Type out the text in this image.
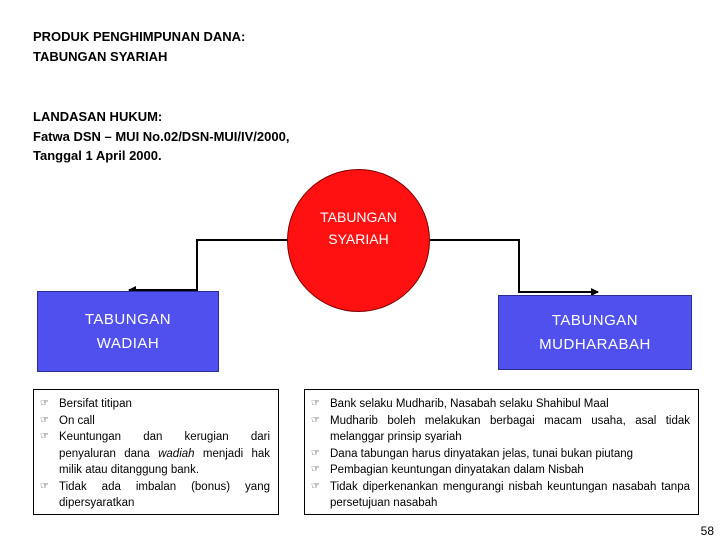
PRODUK PENGHIMPUNAN DANA:
TABUNGAN SYARIAH
LANDASAN HUKUM:
Fatwa DSN – MUI No.02/DSN-MUI/IV/2000,
Tanggal 1 April 2000.
TABUNGAN
SYARIAH
TABUNGAN
WADIAH
TABUNGAN
MUDHARABAH
☞ Bersifat titipan
☞ On call
☞ Keuntungan dan kerugian dari penyaluran dana wadiah menjadi hak milik atau ditanggung bank.
☞ Tidak ada imbalan (bonus) yang dipersyaratkan
☞ Bank selaku Mudharib, Nasabah selaku Shahibul Maal
☞ Mudharib boleh melakukan berbagai macam usaha, asal tidak melanggar prinsip syariah
☞ Dana tabungan harus dinyatakan jelas, tunai bukan piutang
☞ Pembagian keuntungan dinyatakan dalam Nisbah
☞ Tidak diperkenankan mengurangi nisbah keuntungan nasabah tanpa persetujuan nasabah
58
